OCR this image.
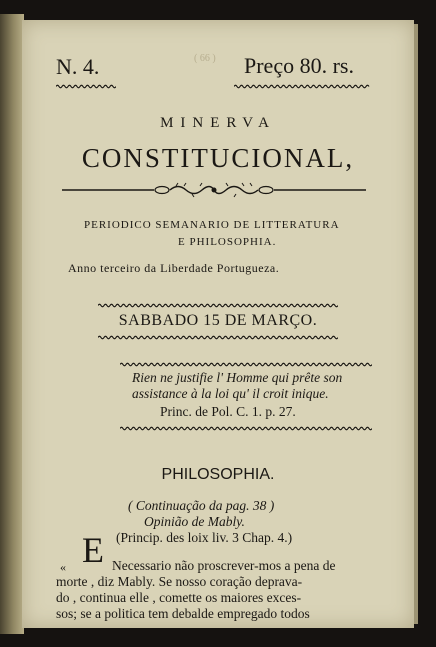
N. 4.	( 66 ) Preço 80. rs.
MINERVA
CONSTITUCIONAL,
PERIODICO SEMANARIO DE LITTERATURA
E PHILOSOPHIA.
Anno terceiro da Liberdade Portugueza.
SABBADO 15 DE MARÇO.
Rien ne justifie l' Homme qui prête son
assistance à la loi qu' il croit inique.
Princ. de Pol. C. 1. p. 27.
PHILOSOPHIA.
( Continuação da pag. 38 )
Opinião de Mably.
(Princip. des loix liv. 3 Chap. 4.)
« E Necessario não proscrever-mos a pena de
morte , diz Mably. Se nosso coração deprava-
do , continua elle , comette os maiores exces-
sos; se a politica tem debalde empregado todos
